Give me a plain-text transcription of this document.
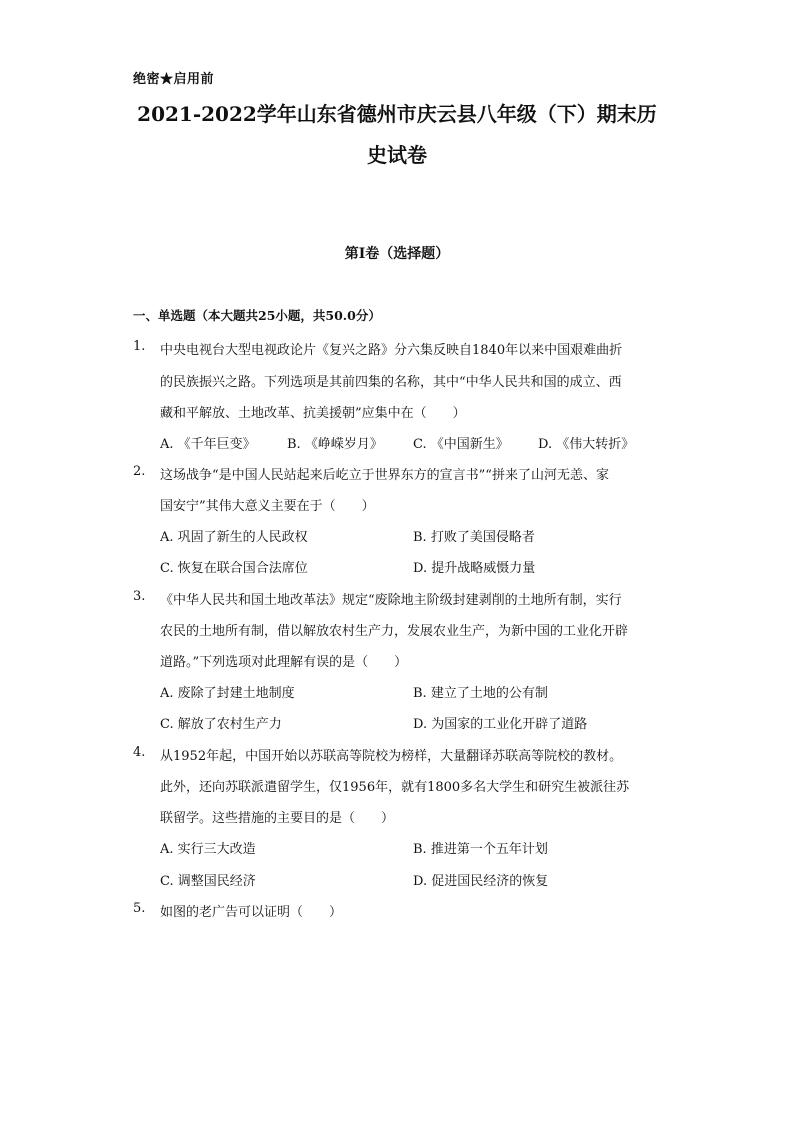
绝密★启用前
2021-2022学年山东省德州市庆云县八年级（下）期末历
史试卷
第I卷（选择题）
一、单选题（本大题共25小题，共50.0分）
1. 中央电视台大型电视政论片《复兴之路》分六集反映自1840年以来中国艰难曲折
的民族振兴之路。下列选项是其前四集的名称，其中“中华人民共和国的成立、西
藏和平解放、土地改革、抗美援朝”应集中在（　　）
A. 《千年巨变》 B. 《峥嵘岁月》 C. 《中国新生》 D. 《伟大转折》
2. 这场战争“是中国人民站起来后屹立于世界东方的宣言书”“拼来了山河无恙、家
国安宁”其伟大意义主要在于（　　）
A. 巩固了新生的人民政权	B. 打败了美国侵略者
C. 恢复在联合国合法席位	D. 提升战略威慑力量
3. 《中华人民共和国土地改革法》规定“废除地主阶级封建剥削的土地所有制，实行
农民的土地所有制，借以解放农村生产力，发展农业生产，为新中国的工业化开辟
道路。”下列选项对此理解有误的是（　　）
A. 废除了封建土地制度	B. 建立了土地的公有制
C. 解放了农村生产力	D. 为国家的工业化开辟了道路
4. 从1952年起，中国开始以苏联高等院校为榜样，大量翻译苏联高等院校的教材。
此外，还向苏联派遣留学生，仅1956年，就有1800多名大学生和研究生被派往苏
联留学。这些措施的主要目的是（　　）
A. 实行三大改造	B. 推进第一个五年计划
C. 调整国民经济	D. 促进国民经济的恢复
5. 如图的老广告可以证明（　　）
